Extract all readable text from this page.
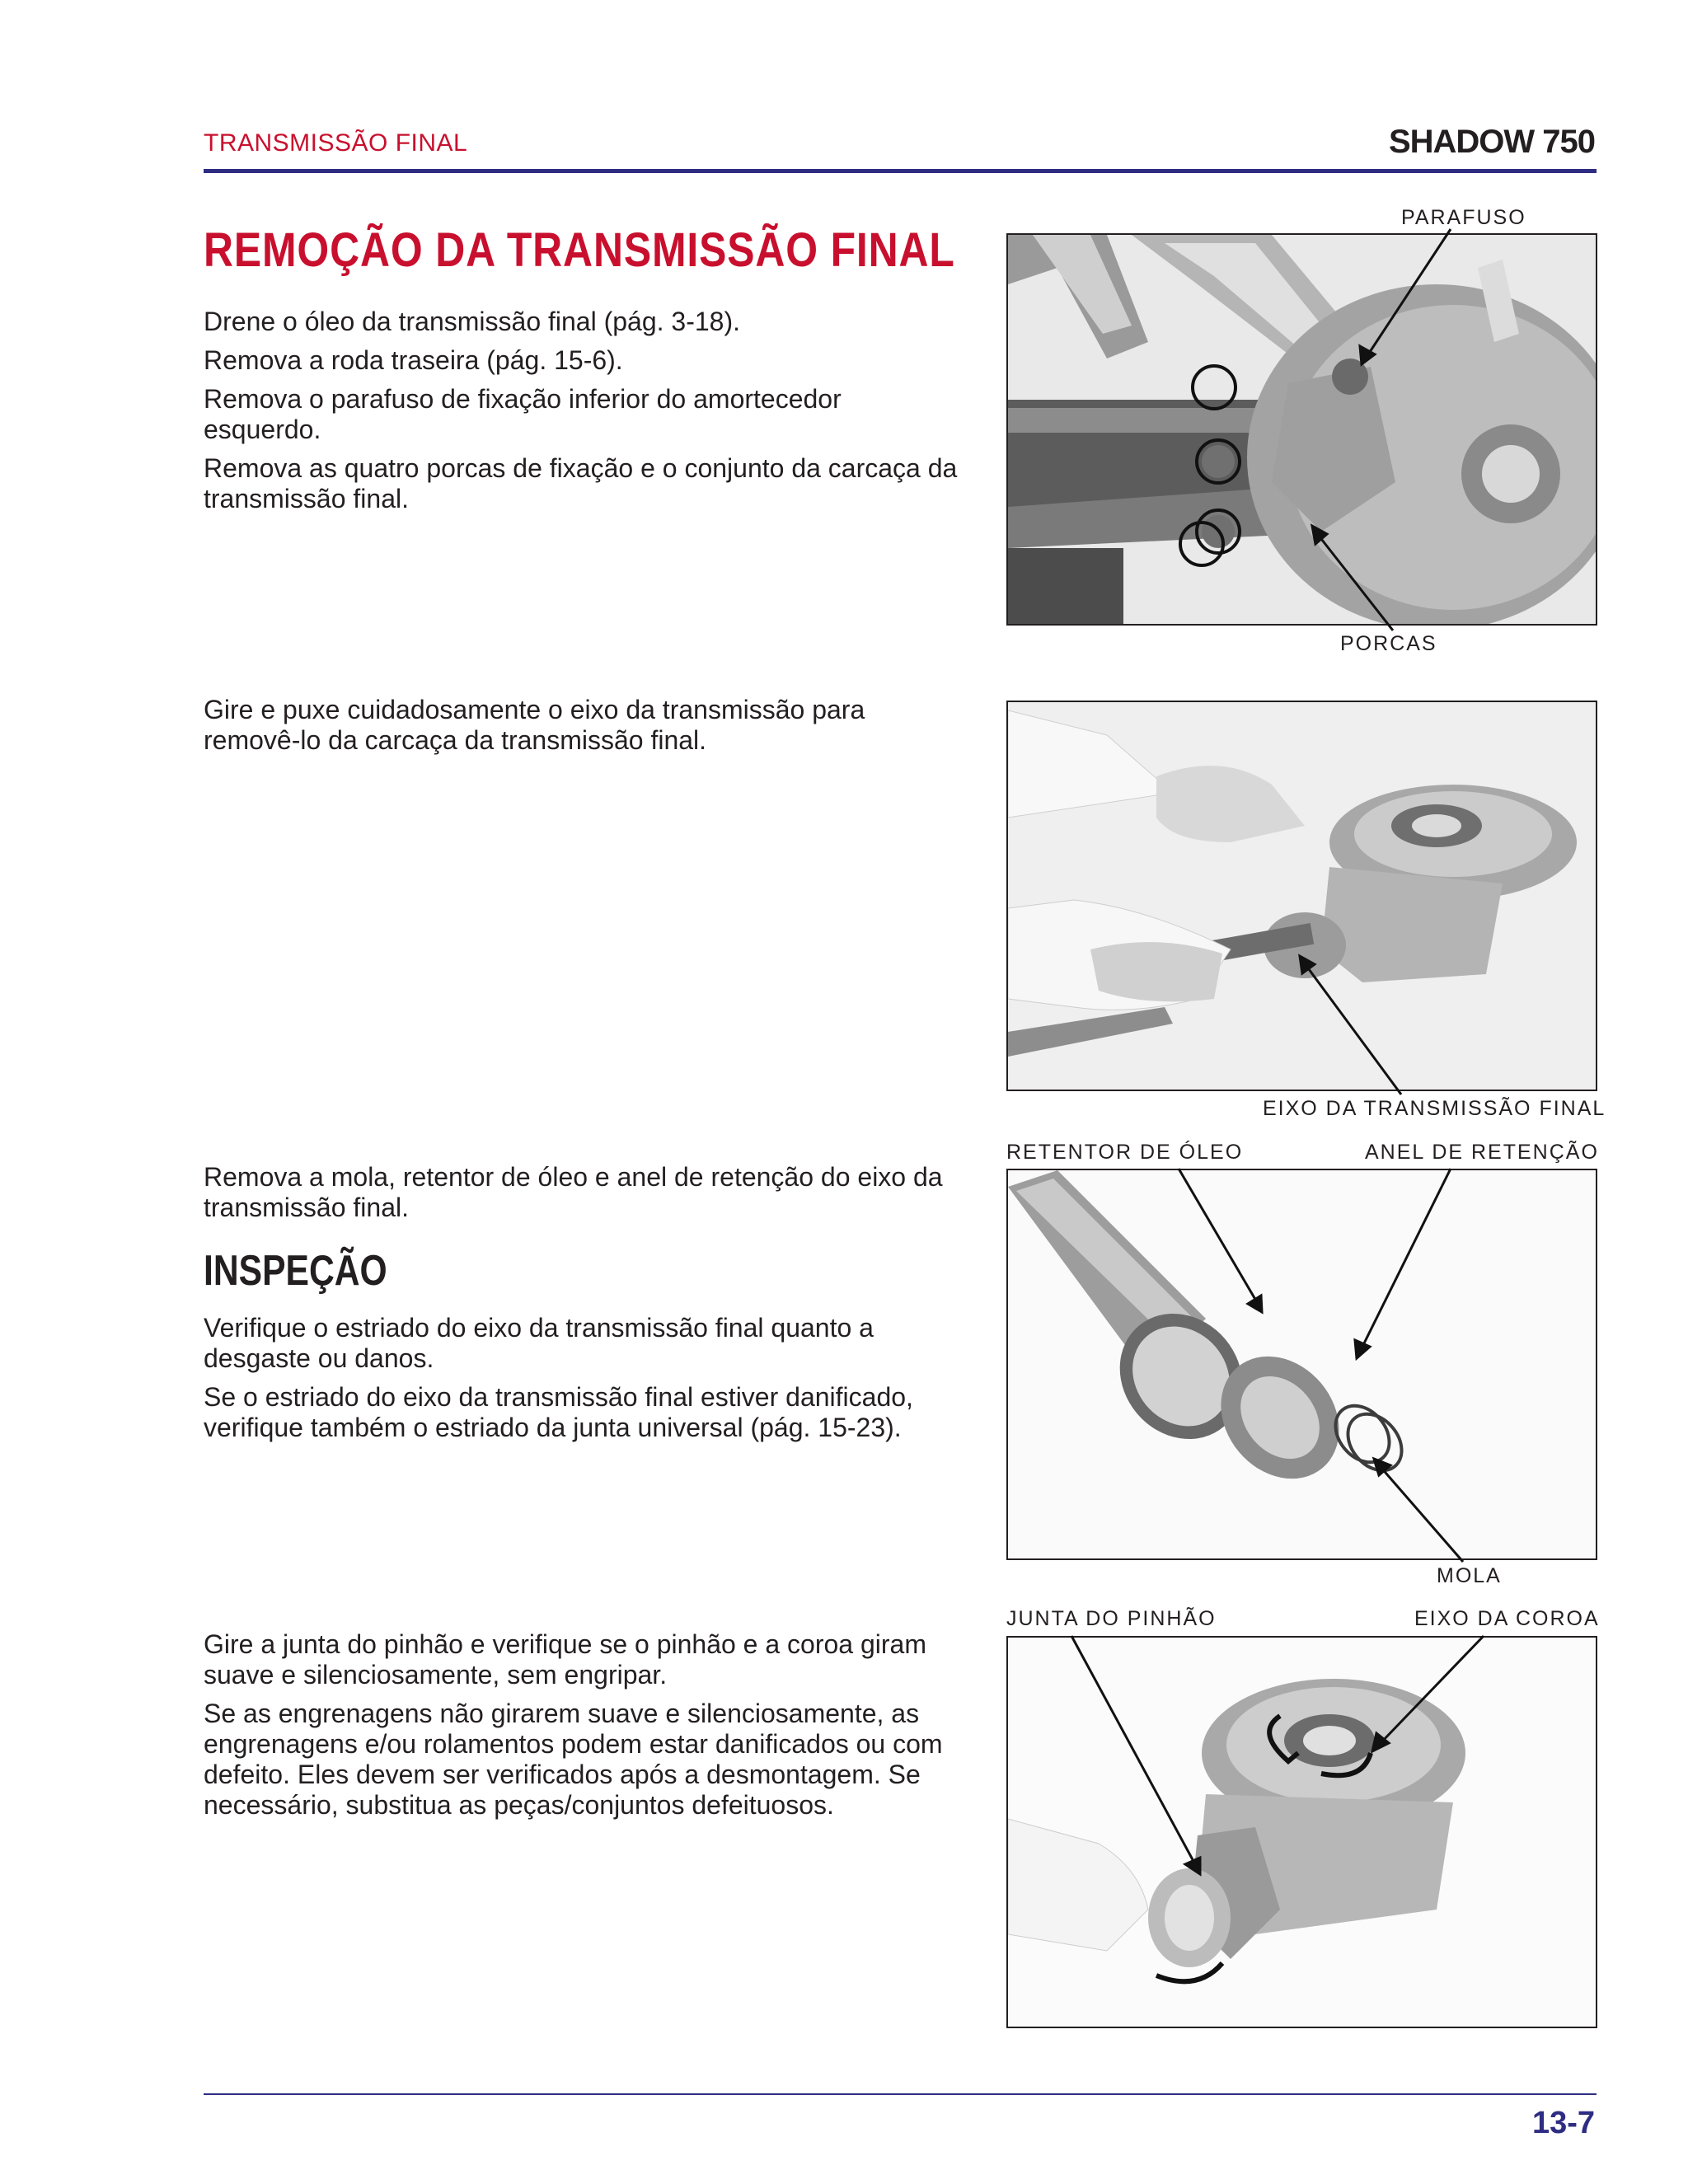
TRANSMISSÃO FINAL	SHADOW 750
REMOÇÃO DA TRANSMISSÃO FINAL

Drene o óleo da transmissão final (pág. 3-18).

Remova a roda traseira (pág. 15-6).

Remova o parafuso de fixação inferior do amortecedor esquerdo.

Remova as quatro porcas de fixação e o conjunto da carcaça da transmissão final.

Gire e puxe cuidadosamente o eixo da transmissão para removê-lo da carcaça da transmissão final.

Remova a mola, retentor de óleo e anel de retenção do eixo da transmissão final.

INSPEÇÃO

Verifique o estriado do eixo da transmissão final quanto a desgaste ou danos.

Se o estriado do eixo da transmissão final estiver danificado, verifique também o estriado da junta universal (pág. 15-23).

Gire a junta do pinhão e verifique se o pinhão e a coroa giram suave e silenciosamente, sem engripar.

Se as engrenagens não girarem suave e silenciosamente, as engrenagens e/ou rolamentos podem estar danificados ou com defeito. Eles devem ser verificados após a desmontagem. Se necessário, substitua as peças/conjuntos defeituosos.

PARAFUSO
PORCAS
EIXO DA TRANSMISSÃO FINAL
RETENTOR DE ÓLEO	ANEL DE RETENÇÃO
MOLA
JUNTA DO PINHÃO	EIXO DA COROA
13-7
